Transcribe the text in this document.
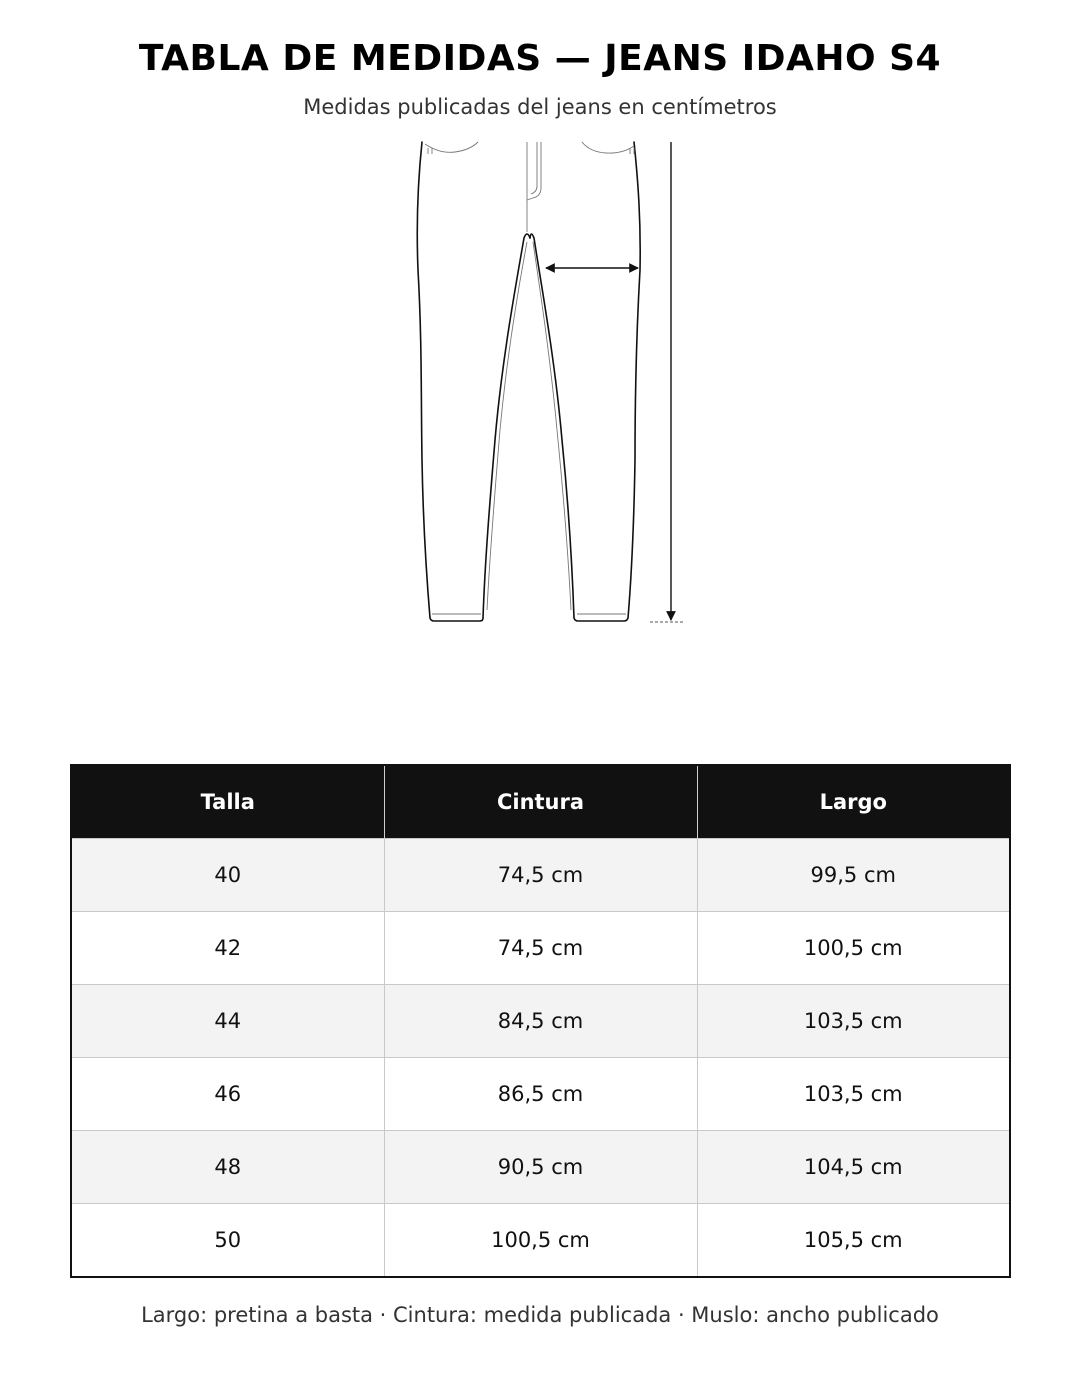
TABLA DE MEDIDAS — JEANS IDAHO S4
Medidas publicadas del jeans en centímetros
Talla	Cintura	Largo
40	74,5 cm	99,5 cm
42	74,5 cm	100,5 cm
44	84,5 cm	103,5 cm
46	86,5 cm	103,5 cm
48	90,5 cm	104,5 cm
50	100,5 cm	105,5 cm
Largo: pretina a basta · Cintura: medida publicada · Muslo: ancho publicado
